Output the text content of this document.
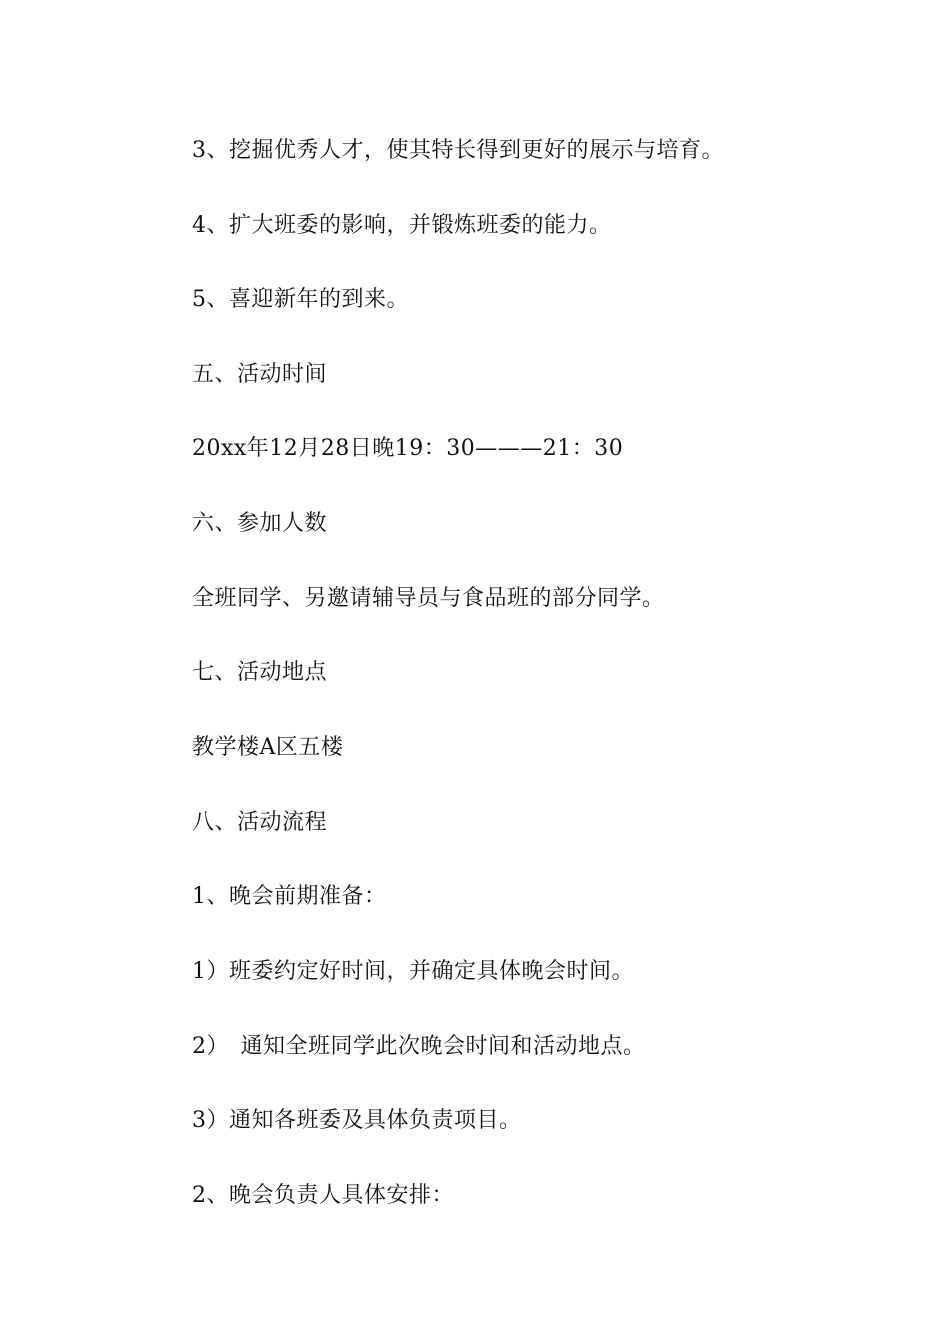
3、挖掘优秀人才，使其特长得到更好的展示与培育。
4、扩大班委的影响，并锻炼班委的能力。
5、喜迎新年的到来。
五、活动时间
20xx年12月28日晚19：30———21：30
六、参加人数
全班同学、另邀请辅导员与食品班的部分同学。
七、活动地点
教学楼A区五楼
八、活动流程
1、晚会前期准备：
1）班委约定好时间，并确定具体晚会时间。
2）　通知全班同学此次晚会时间和活动地点。
3）通知各班委及具体负责项目。
2、晚会负责人具体安排：
